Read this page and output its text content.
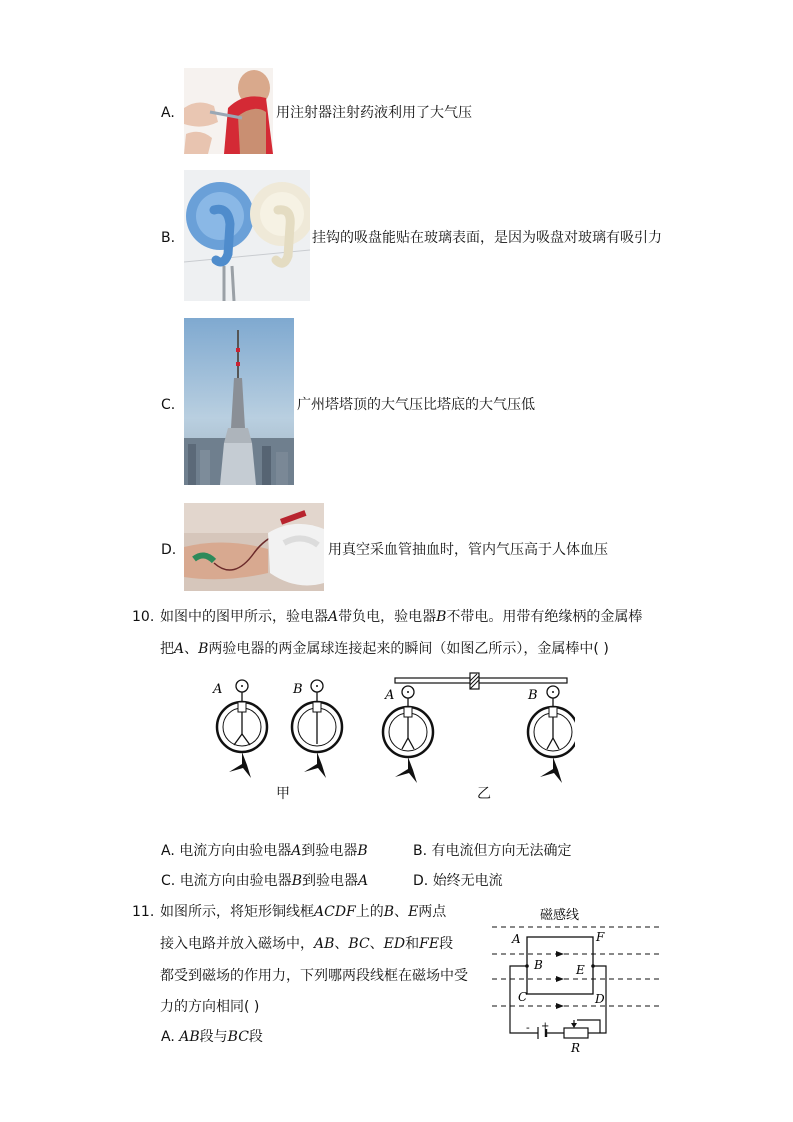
A.	用注射器注射药液利用了大气压
B.	挂钩的吸盘能贴在玻璃表面，是因为吸盘对玻璃有吸引力
C.	广州塔塔顶的大气压比塔底的大气压低
D.	用真空采血管抽血时，管内气压高于人体血压
10. 如图中的图甲所示，验电器A带负电，验电器B不带电。用带有绝缘柄的金属棒
把A、B两验电器的两金属球连接起来的瞬间（如图乙所示），金属棒中( )
A	B	A	B
甲	乙
A. 电流方向由验电器A到验电器B	B. 有电流但方向无法确定
C. 电流方向由验电器B到验电器A	D. 始终无电流
11. 如图所示，将矩形铜线框ACDF上的B、E两点
接入电路并放入磁场中，AB、BC、ED和FE段
都受到磁场的作用力，下列哪两段线框在磁场中受
力的方向相同( )
A. AB段与BC段
磁感线
A
B
C	D
E
F
- +
R
